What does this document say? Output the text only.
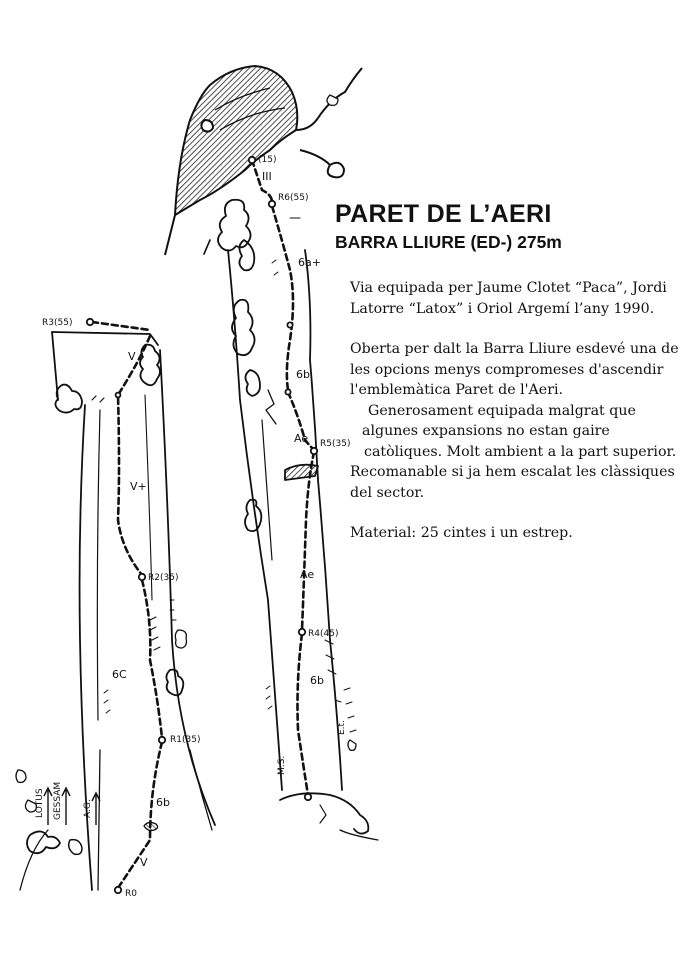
R3(55)
V
V+
R2(35)
6C
R1(35)
6b
V
R0
LOTUS GESSAM A.G.
(15)
III
R6(55)
6a+
6b
Ae R5(35)
Ae
R4(45)
6b
M.S.
E.t.
PARET DE L’AERI
BARRA LLIURE (ED-) 275m

Via equipada per Jaume Clotet “Paca”, Jordi Latorre “Latox” i Oriol Argemí l’any 1990.

Oberta per dalt la Barra Lliure esdevé una de les opcions menys compromeses d'ascendir l'emblemàtica Paret de l'Aeri.
Generosament equipada malgrat que
algunes expansions no estan gaire
catòliques. Molt ambient a la part superior.
Recomanable si ja hem escalat les clàssiques del sector.

Material: 25 cintes i un estrep.
